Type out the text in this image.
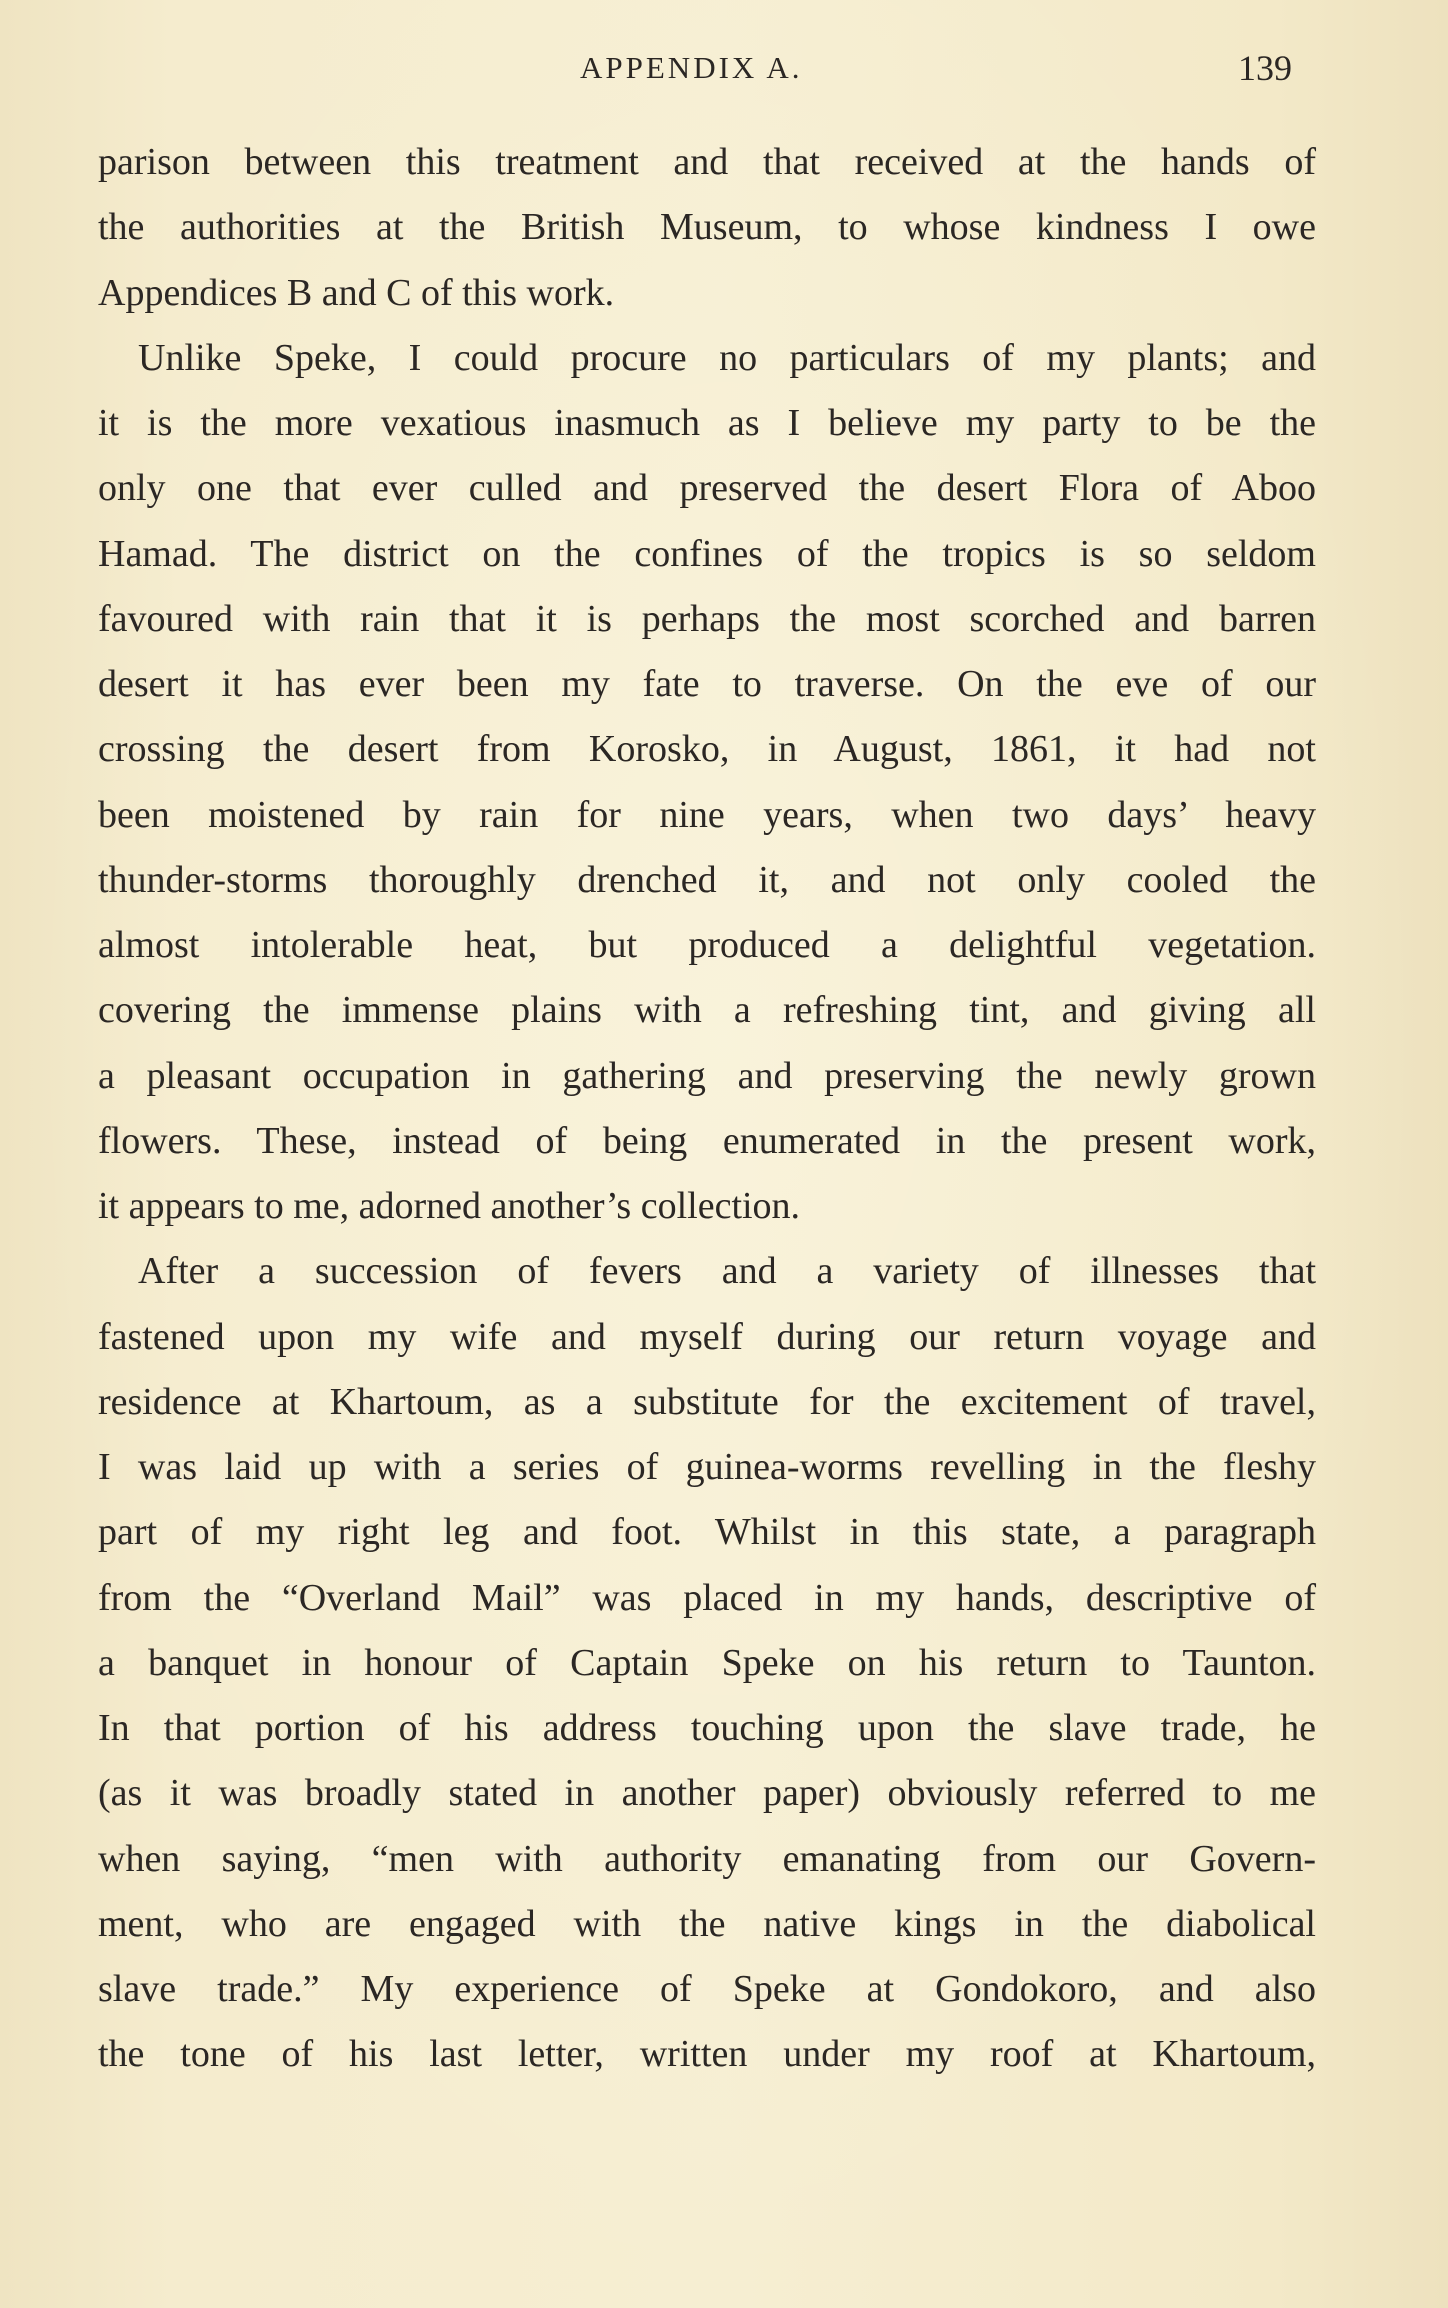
APPENDIX A.	139
parison between this treatment and that received at the hands of
the authorities at the British Museum, to whose kindness I owe
Appendices B and C of this work.
Unlike Speke, I could procure no particulars of my plants; and
it is the more vexatious inasmuch as I believe my party to be the
only one that ever culled and preserved the desert Flora of Aboo
Hamad. The district on the confines of the tropics is so seldom
favoured with rain that it is perhaps the most scorched and barren
desert it has ever been my fate to traverse. On the eve of our
crossing the desert from Korosko, in August, 1861, it had not
been moistened by rain for nine years, when two days’ heavy
thunder-storms thoroughly drenched it, and not only cooled the
almost intolerable heat, but produced a delightful vegetation.
covering the immense plains with a refreshing tint, and giving all
a pleasant occupation in gathering and preserving the newly grown
flowers. These, instead of being enumerated in the present work,
it appears to me, adorned another’s collection.
After a succession of fevers and a variety of illnesses that
fastened upon my wife and myself during our return voyage and
residence at Khartoum, as a substitute for the excitement of travel,
I was laid up with a series of guinea-worms revelling in the fleshy
part of my right leg and foot. Whilst in this state, a paragraph
from the “Overland Mail” was placed in my hands, descriptive of
a banquet in honour of Captain Speke on his return to Taunton.
In that portion of his address touching upon the slave trade, he
(as it was broadly stated in another paper) obviously referred to me
when saying, “men with authority emanating from our Govern-
ment, who are engaged with the native kings in the diabolical
slave trade.” My experience of Speke at Gondokoro, and also
the tone of his last letter, written under my roof at Khartoum,
